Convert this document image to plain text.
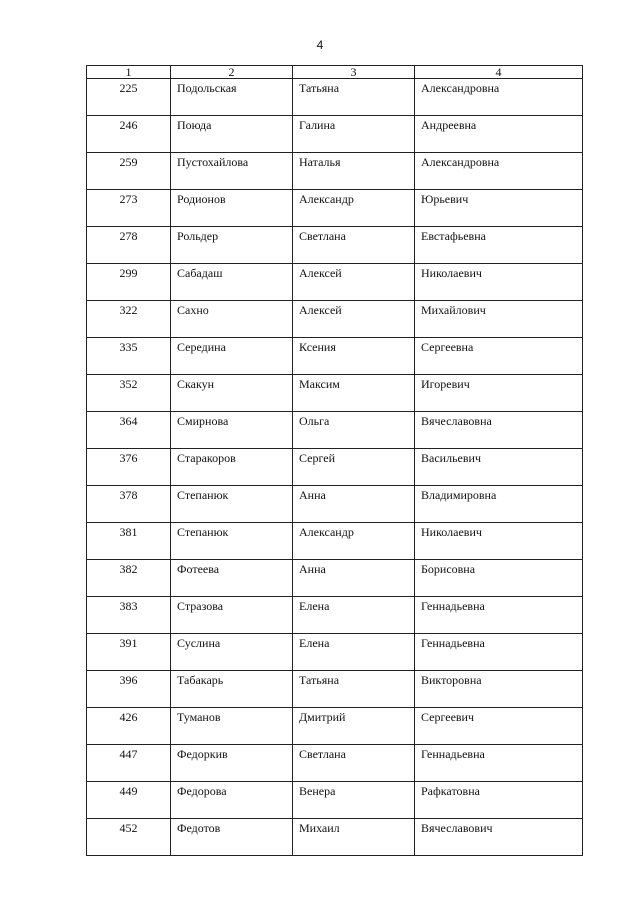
4
1	2	3	4
225	Подольская	Татьяна	Александровна
246	Поюда	Галина	Андреевна
259	Пустохайлова	Наталья	Александровна
273	Родионов	Александр	Юрьевич
278	Рольдер	Светлана	Евстафьевна
299	Сабадаш	Алексей	Николаевич
322	Сахно	Алексей	Михайлович
335	Середина	Ксения	Сергеевна
352	Скакун	Максим	Игоревич
364	Смирнова	Ольга	Вячеславовна
376	Старакоров	Сергей	Васильевич
378	Степанюк	Анна	Владимировна
381	Степанюк	Александр	Николаевич
382	Фотеева	Анна	Борисовна
383	Стразова	Елена	Геннадьевна
391	Суслина	Елена	Геннадьевна
396	Табакарь	Татьяна	Викторовна
426	Туманов	Дмитрий	Сергеевич
447	Федоркив	Светлана	Геннадьевна
449	Федорова	Венера	Рафкатовна
452	Федотов	Михаил	Вячеславович
